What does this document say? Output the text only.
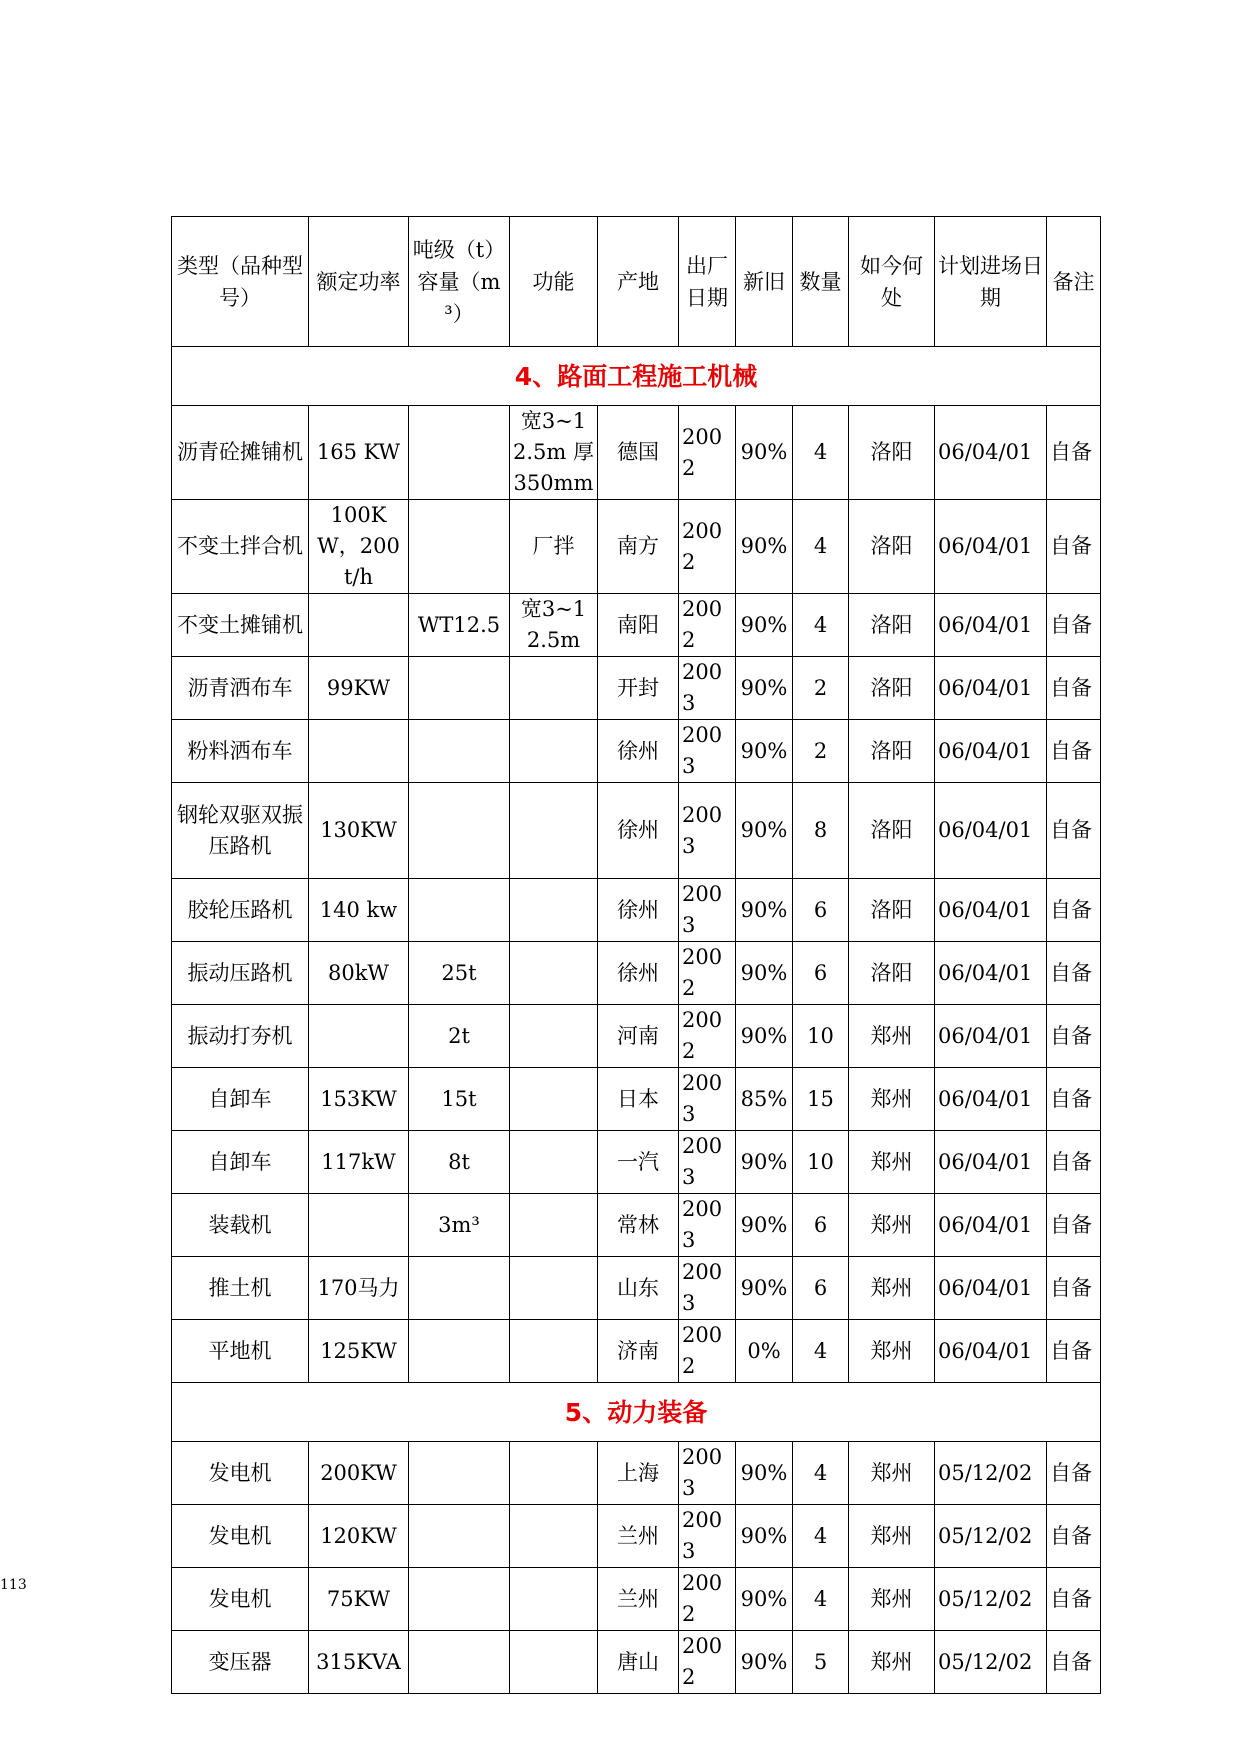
类型（品种型号）	额定功率	吨级（t）容量（m³）	功能	产地	出厂日期	新旧	数量	如今何处	计划进场日期	备注
4、路面工程施工机械										
沥青砼摊铺机	165 KW		宽3~12.5m 厚350mm	德国	2002	90%	4	洛阳	06/04/01	自备
不变土拌合机	100KW，200t/h		厂拌	南方	2002	90%	4	洛阳	06/04/01	自备
不变土摊铺机		WT12.5	宽3~12.5m	南阳	2002	90%	4	洛阳	06/04/01	自备
沥青洒布车	99KW			开封	2003	90%	2	洛阳	06/04/01	自备
粉料洒布车				徐州	2003	90%	2	洛阳	06/04/01	自备
钢轮双驱双振 压路机	130KW			徐州	2003	90%	8	洛阳	06/04/01	自备
胶轮压路机	140 kw			徐州	2003	90%	6	洛阳	06/04/01	自备
振动压路机	80kW	25t		徐州	2002	90%	6	洛阳	06/04/01	自备
振动打夯机		2t		河南	2002	90%	10	郑州	06/04/01	自备
自卸车	153KW	15t		日本	2003	85%	15	郑州	06/04/01	自备
自卸车	117kW	8t		一汽	2003	90%	10	郑州	06/04/01	自备
装载机		3m³		常林	2003	90%	6	郑州	06/04/01	自备
推土机	170马力			山东	2003	90%	6	郑州	06/04/01	自备
平地机	125KW			济南	2002	0%	4	郑州	06/04/01	自备
5、动力装备										
发电机	200KW			上海	2003	90%	4	郑州	05/12/02	自备
发电机	120KW			兰州	2003	90%	4	郑州	05/12/02	自备
发电机	75KW			兰州	2002	90%	4	郑州	05/12/02	自备
变压器	315KVA			唐山	2002	90%	5	郑州	05/12/02	自备
113
